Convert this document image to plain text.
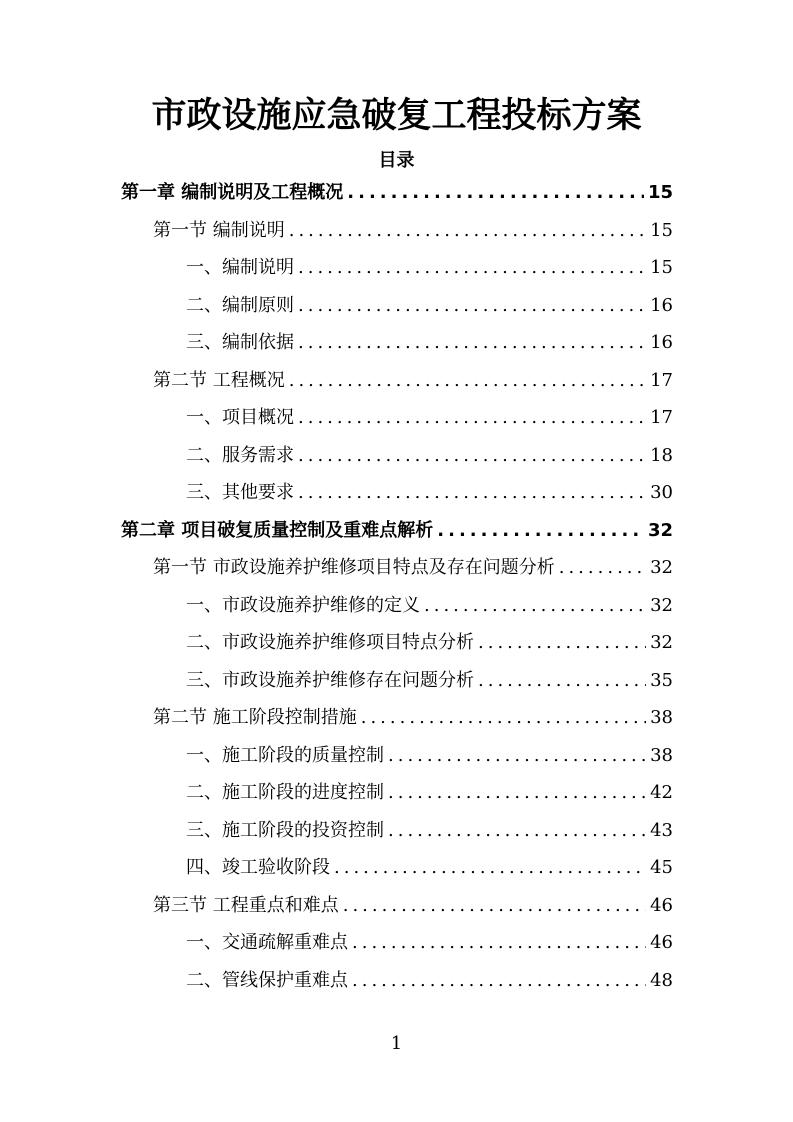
市政设施应急破复工程投标方案
目录
第一章 编制说明及工程概况 .....	15
第一节 编制说明 .....	15
一、编制说明 .....	15
二、编制原则 .....	16
三、编制依据 .....	16
第二节 工程概况 .....	17
一、项目概况 .....	17
二、服务需求 .....	18
三、其他要求 .....	30
第二章 项目破复质量控制及重难点解析 .....	32
第一节 市政设施养护维修项目特点及存在问题分析 .....	32
一、市政设施养护维修的定义 .....	32
二、市政设施养护维修项目特点分析 .....	32
三、市政设施养护维修存在问题分析 .....	35
第二节 施工阶段控制措施 .....	38
一、施工阶段的质量控制 .....	38
二、施工阶段的进度控制 .....	42
三、施工阶段的投资控制 .....	43
四、竣工验收阶段 .....	45
第三节 工程重点和难点 .....	46
一、交通疏解重难点 .....	46
二、管线保护重难点 .....	48
1
